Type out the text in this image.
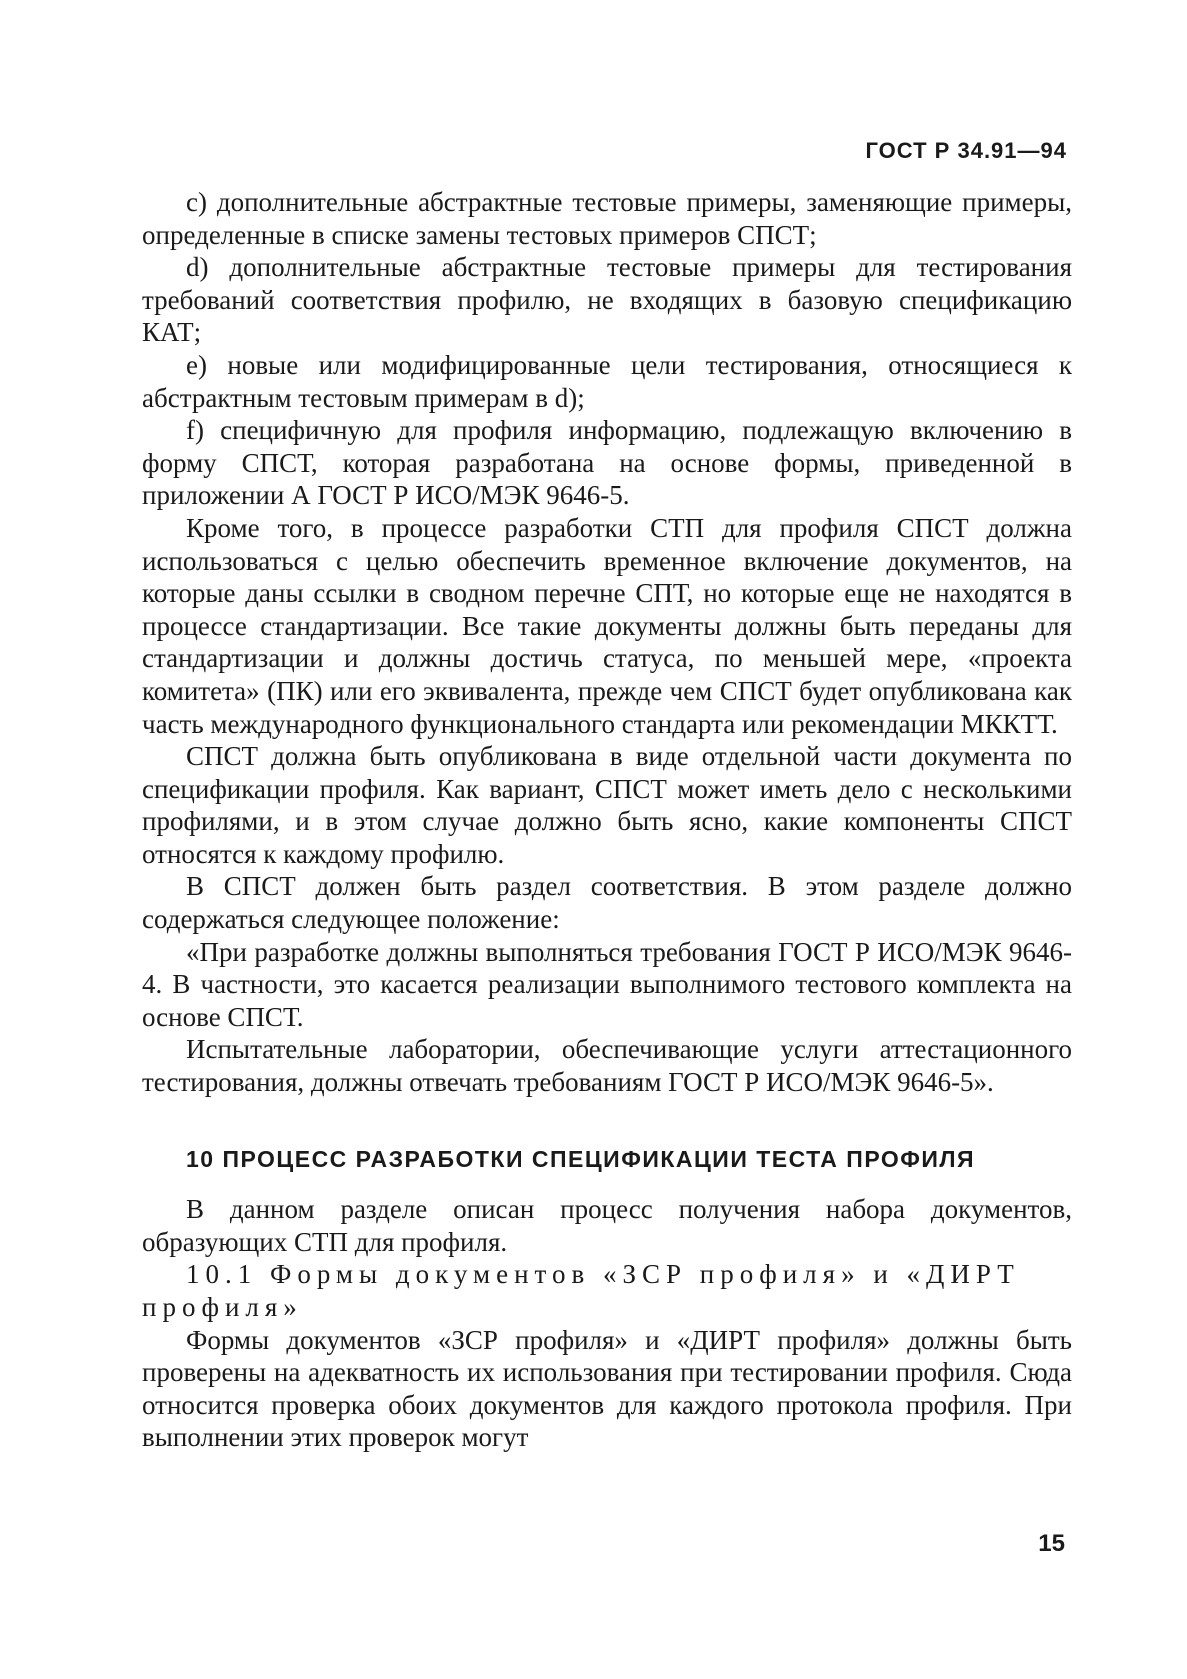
ГОСТ Р 34.91—94

c) дополнительные абстрактные тестовые примеры, заменяющие примеры, определенные в списке замены тестовых примеров СПСТ;

d) дополнительные абстрактные тестовые примеры для тестирования требований соответствия профилю, не входящих в базовую спецификацию КАТ;

e) новые или модифицированные цели тестирования, относящиеся к абстрактным тестовым примерам в d);

f) специфичную для профиля информацию, подлежащую включению в форму СПСТ, которая разработана на основе формы, приведенной в приложении А ГОСТ Р ИСО/МЭК 9646-5.

Кроме того, в процессе разработки СТП для профиля СПСТ должна использоваться с целью обеспечить временное включение документов, на которые даны ссылки в сводном перечне СПТ, но которые еще не находятся в процессе стандартизации. Все такие документы должны быть переданы для стандартизации и должны достичь статуса, по меньшей мере, «проекта комитета» (ПК) или его эквивалента, прежде чем СПСТ будет опубликована как часть международного функционального стандарта или рекомендации МККТТ.

СПСТ должна быть опубликована в виде отдельной части документа по спецификации профиля. Как вариант, СПСТ может иметь дело с несколькими профилями, и в этом случае должно быть ясно, какие компоненты СПСТ относятся к каждому профилю.

В СПСТ должен быть раздел соответствия. В этом разделе должно содержаться следующее положение:

«При разработке должны выполняться требования ГОСТ Р ИСО/МЭК 9646-4. В частности, это касается реализации выполнимого тестового комплекта на основе СПСТ.

Испытательные лаборатории, обеспечивающие услуги аттестационного тестирования, должны отвечать требованиям ГОСТ Р ИСО/МЭК 9646-5».

10 ПРОЦЕСС РАЗРАБОТКИ СПЕЦИФИКАЦИИ ТЕСТА ПРОФИЛЯ

В данном разделе описан процесс получения набора документов, образующих СТП для профиля.

10.1 Формы документов «ЗСР профиля» и «ДИРТ профиля»

Формы документов «ЗСР профиля» и «ДИРТ профиля» должны быть проверены на адекватность их использования при тестировании профиля. Сюда относится проверка обоих документов для каждого протокола профиля. При выполнении этих проверок могут

15
